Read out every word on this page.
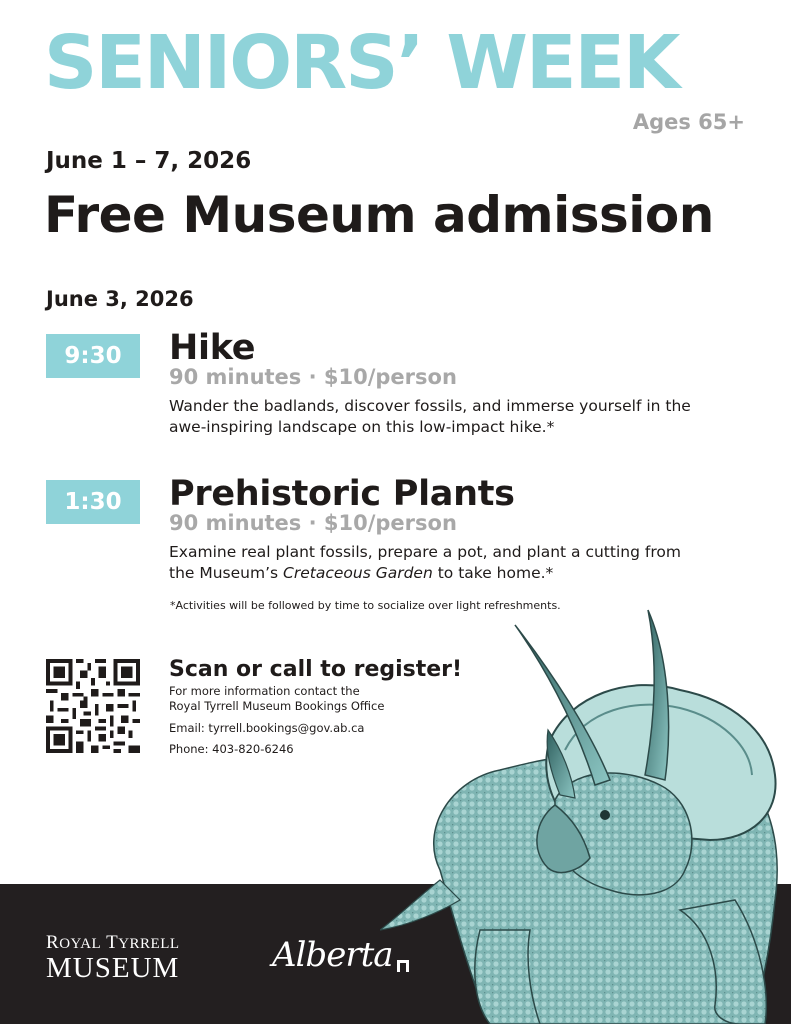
SENIORS’ WEEK
Ages 65+
June 1 – 7, 2026
Free Museum admission
June 3, 2026
9:30	Hike
90 minutes · $10/person
Wander the badlands, discover fossils, and immerse yourself in the awe-inspiring landscape on this low-impact hike.*
1:30	Prehistoric Plants
90 minutes · $10/person
Examine real plant fossils, prepare a pot, and plant a cutting from the Museum’s Cretaceous Garden to take home.*
*Activities will be followed by time to socialize over light refreshments.
Scan or call to register!
For more information contact the
Royal Tyrrell Museum Bookings Office
Email: tyrrell.bookings@gov.ab.ca
Phone: 403-820-6246
ROYAL TYRRELL
MUSEUM	Alberta
